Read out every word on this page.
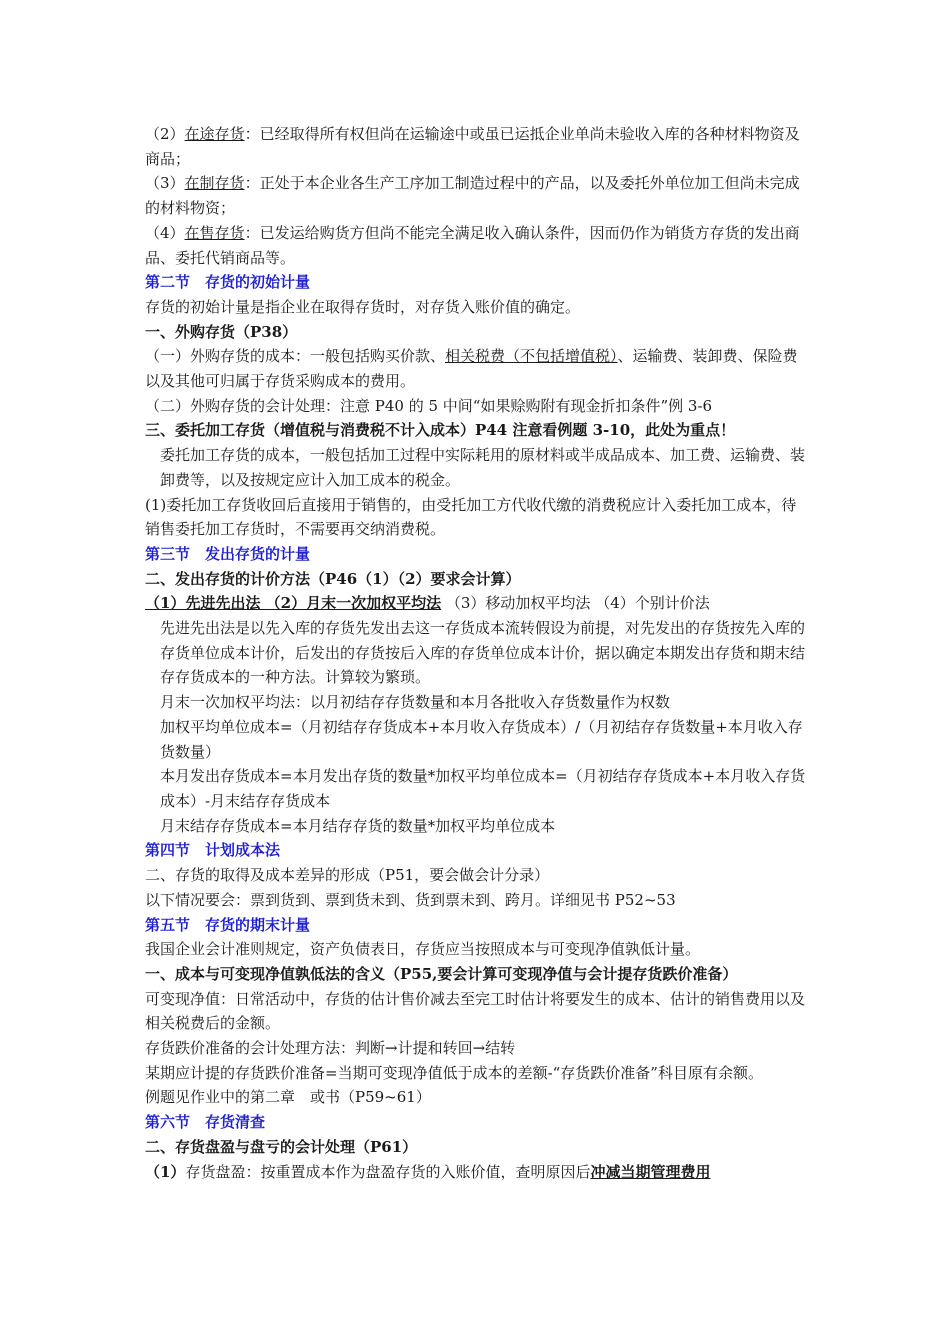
（2）在途存货：已经取得所有权但尚在运输途中或虽已运抵企业单尚未验收入库的各种材料物资及商品；

（3）在制存货：正处于本企业各生产工序加工制造过程中的产品，以及委托外单位加工但尚未完成的材料物资；

（4）在售存货：已发运给购货方但尚不能完全满足收入确认条件，因而仍作为销货方存货的发出商品、委托代销商品等。

第二节　存货的初始计量

存货的初始计量是指企业在取得存货时，对存货入账价值的确定。

一、外购存货（P38）

（一）外购存货的成本：一般包括购买价款、相关税费（不包括增值税）、运输费、装卸费、保险费以及其他可归属于存货采购成本的费用。

（二）外购存货的会计处理：注意 P40 的 5 中间“如果赊购附有现金折扣条件”例 3-6

三、委托加工存货（增值税与消费税不计入成本）P44 注意看例题 3-10，此处为重点！

委托加工存货的成本，一般包括加工过程中实际耗用的原材料或半成品成本、加工费、运输费、装卸费等，以及按规定应计入加工成本的税金。

(1)委托加工存货收回后直接用于销售的，由受托加工方代收代缴的消费税应计入委托加工成本，待销售委托加工存货时，不需要再交纳消费税。

第三节　发出存货的计量

二、发出存货的计价方法（P46（1）（2）要求会计算）

（1）先进先出法 （2）月末一次加权平均法 （3）移动加权平均法 （4）个别计价法

先进先出法是以先入库的存货先发出去这一存货成本流转假设为前提，对先发出的存货按先入库的存货单位成本计价，后发出的存货按后入库的存货单位成本计价，据以确定本期发出存货和期末结存存货成本的一种方法。计算较为繁琐。

月末一次加权平均法：以月初结存存货数量和本月各批收入存货数量作为权数

加权平均单位成本=（月初结存存货成本+本月收入存货成本）/（月初结存存货数量+本月收入存货数量）

本月发出存货成本=本月发出存货的数量*加权平均单位成本=（月初结存存货成本+本月收入存货成本）-月末结存存货成本

月末结存存货成本=本月结存存货的数量*加权平均单位成本

第四节　计划成本法

二、存货的取得及成本差异的形成（P51，要会做会计分录）

以下情况要会：票到货到、票到货未到、货到票未到、跨月。详细见书 P52~53

第五节　存货的期末计量

我国企业会计准则规定，资产负债表日，存货应当按照成本与可变现净值孰低计量。

一、成本与可变现净值孰低法的含义（P55,要会计算可变现净值与会计提存货跌价准备）

可变现净值：日常活动中，存货的估计售价减去至完工时估计将要发生的成本、估计的销售费用以及相关税费后的金额。

存货跌价准备的会计处理方法：判断→计提和转回→结转

某期应计提的存货跌价准备=当期可变现净值低于成本的差额-“存货跌价准备”科目原有余额。

例题见作业中的第二章　或书（P59~61）

第六节　存货清查

二、存货盘盈与盘亏的会计处理（P61）

（1）存货盘盈：按重置成本作为盘盈存货的入账价值，查明原因后冲减当期管理费用
